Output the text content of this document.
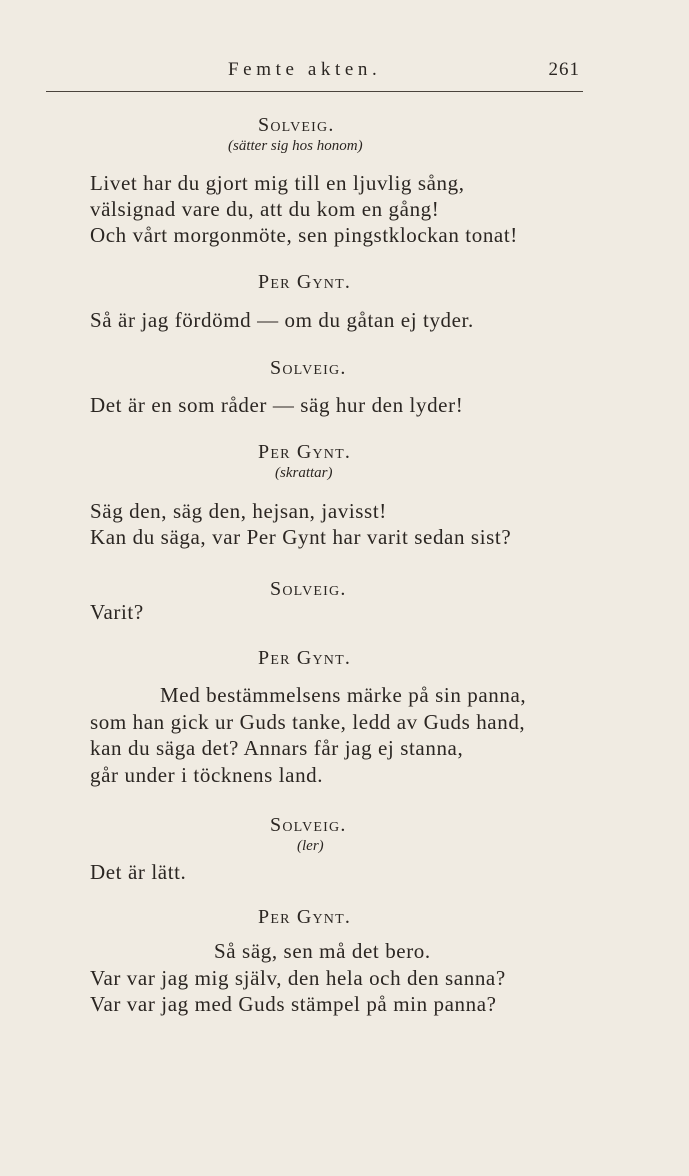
Femte akten.	261
Solveig.
(sätter sig hos honom)
Livet har du gjort mig till en ljuvlig sång,
välsignad vare du, att du kom en gång!
Och vårt morgonmöte, sen pingstklockan tonat!
Per Gynt.
Så är jag fördömd — om du gåtan ej tyder.
Solveig.
Det är en som råder — säg hur den lyder!
Per Gynt.
(skrattar)
Säg den, säg den, hejsan, javisst!
Kan du säga, var Per Gynt har varit sedan sist?
Solveig.
Varit?
Per Gynt.
Med bestämmelsens märke på sin panna,
som han gick ur Guds tanke, ledd av Guds hand,
kan du säga det? Annars får jag ej stanna,
går under i töcknens land.
Solveig.
(ler)
Det är lätt.
Per Gynt.
Så säg, sen må det bero.
Var var jag mig själv, den hela och den sanna?
Var var jag med Guds stämpel på min panna?
